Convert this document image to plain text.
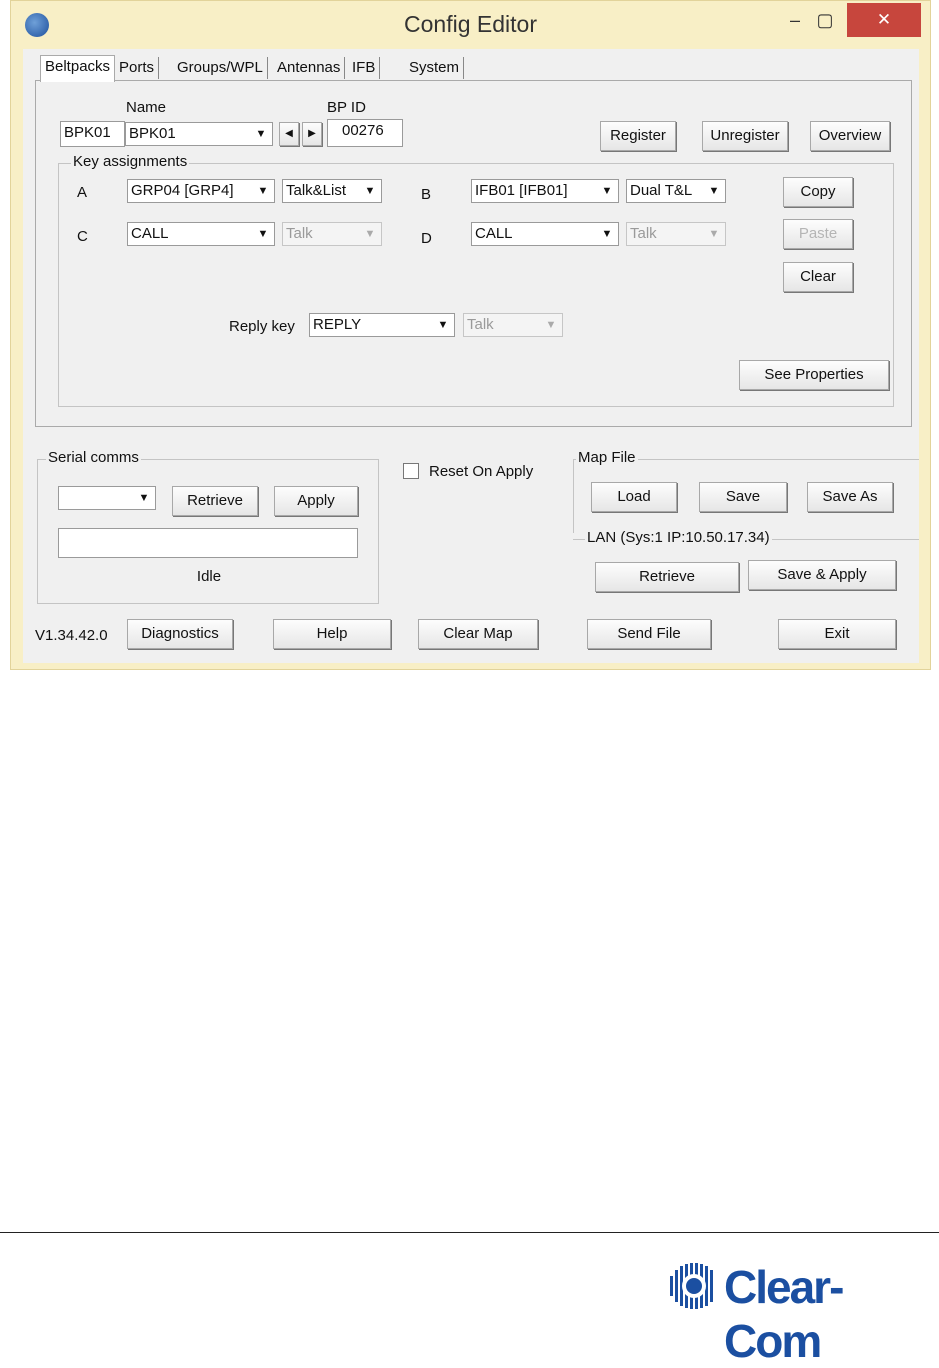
Config Editor	– ▢	✕
Beltpacks Ports	Groups/WPL Antennas IFB	System
Name	BP ID
BPK01	BPK01	▼	◀	▶	00276	Register	Unregister	Overview
Key assignments
A	GRP04 [GRP4]	▼ Talk&List	▼	B	IFB01 [IFB01]	▼ Dual T&L	▼
C	CALL	▼ Talk	▼	D	CALL	▼ Talk	▼
Copy
Paste
Clear
Reply key REPLY	▼ Talk	▼
See Properties
Serial comms
▼	Retrieve	Apply
Idle
Reset On Apply
Map File
Load	Save	Save As
LAN (Sys:1 IP:10.50.17.34)
Retrieve	Save & Apply
V1.34.42.0	Diagnostics	Help	Clear Map	Send File	Exit
Clear-Com
